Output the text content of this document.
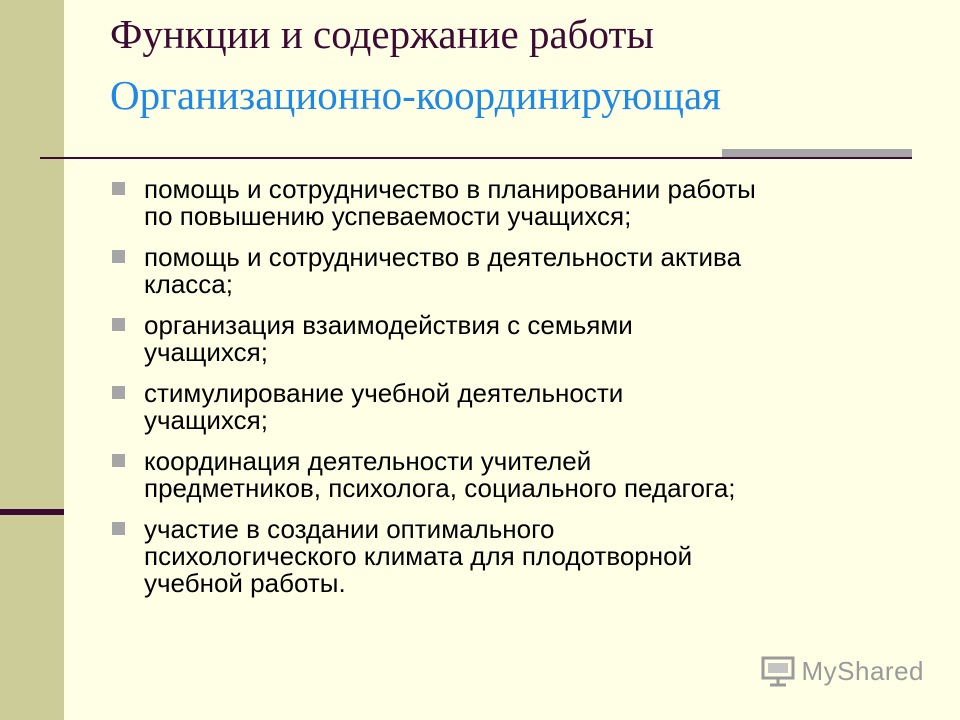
Функции и содержание работы
Организационно-координирующая
помощь и сотрудничество в планировании работы
по повышению успеваемости учащихся;
помощь и сотрудничество в деятельности актива
класса;
организация взаимодействия с семьями
учащихся;
стимулирование учебной деятельности
учащихся;
координация деятельности учителей
предметников, психолога, социального педагога;
участие в создании оптимального
психологического климата для плодотворной
учебной работы.
MyShared
